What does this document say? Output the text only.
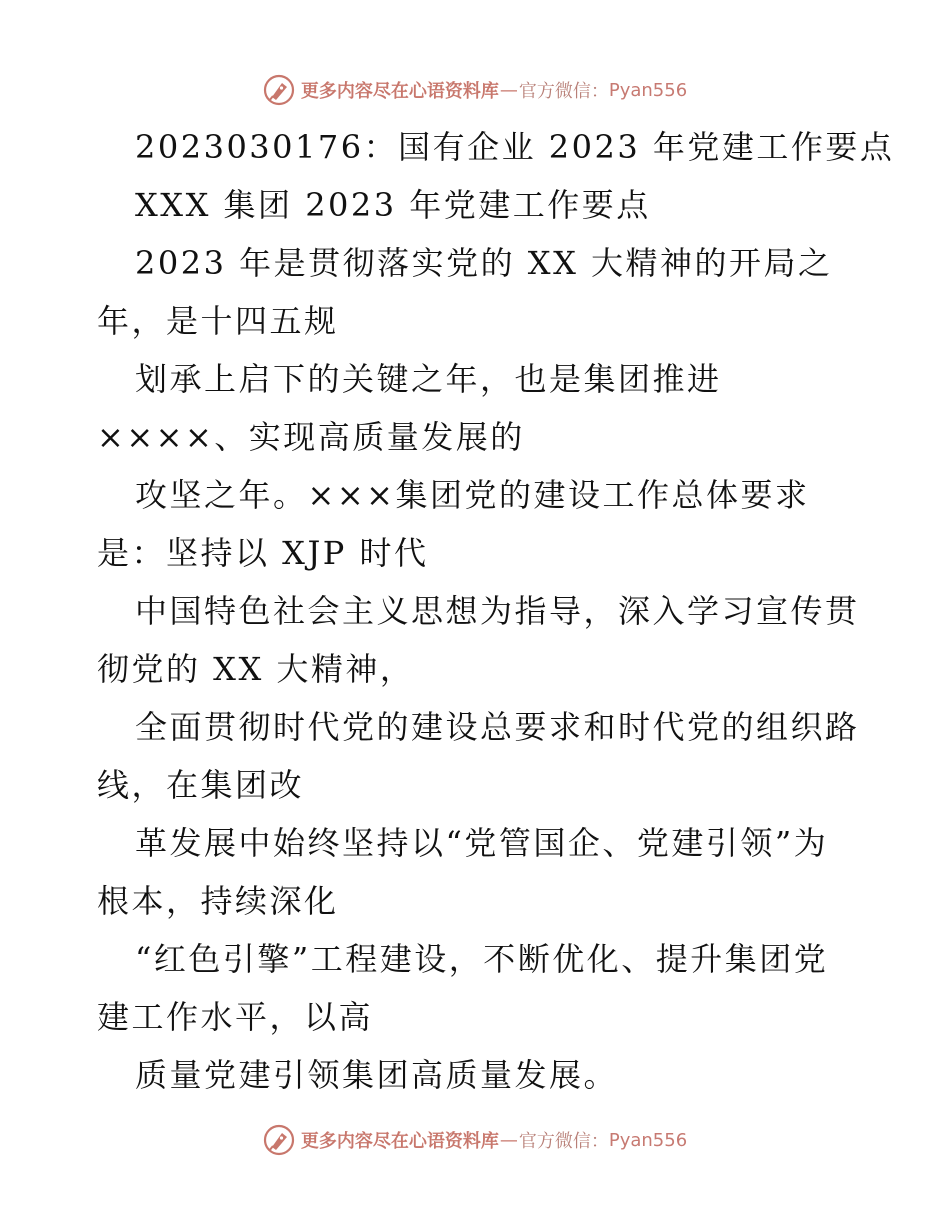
更多内容尽在心语资料库 — 官方微信： Pyan556
2023030176：国有企业 2023 年党建工作要点
XXX 集团 2023 年党建工作要点
2023 年是贯彻落实党的 XX 大精神的开局之
年，是十四五规
划承上启下的关键之年，也是集团推进
××××、实现高质量发展的
攻坚之年。×××集团党的建设工作总体要求
是：坚持以 XJP 时代
中国特色社会主义思想为指导，深入学习宣传贯
彻党的 XX 大精神，
全面贯彻时代党的建设总要求和时代党的组织路
线，在集团改
革发展中始终坚持以“党管国企、党建引领”为
根本，持续深化
“红色引擎”工程建设，不断优化、提升集团党
建工作水平，以高
质量党建引领集团高质量发展。
更多内容尽在心语资料库 — 官方微信： Pyan556
